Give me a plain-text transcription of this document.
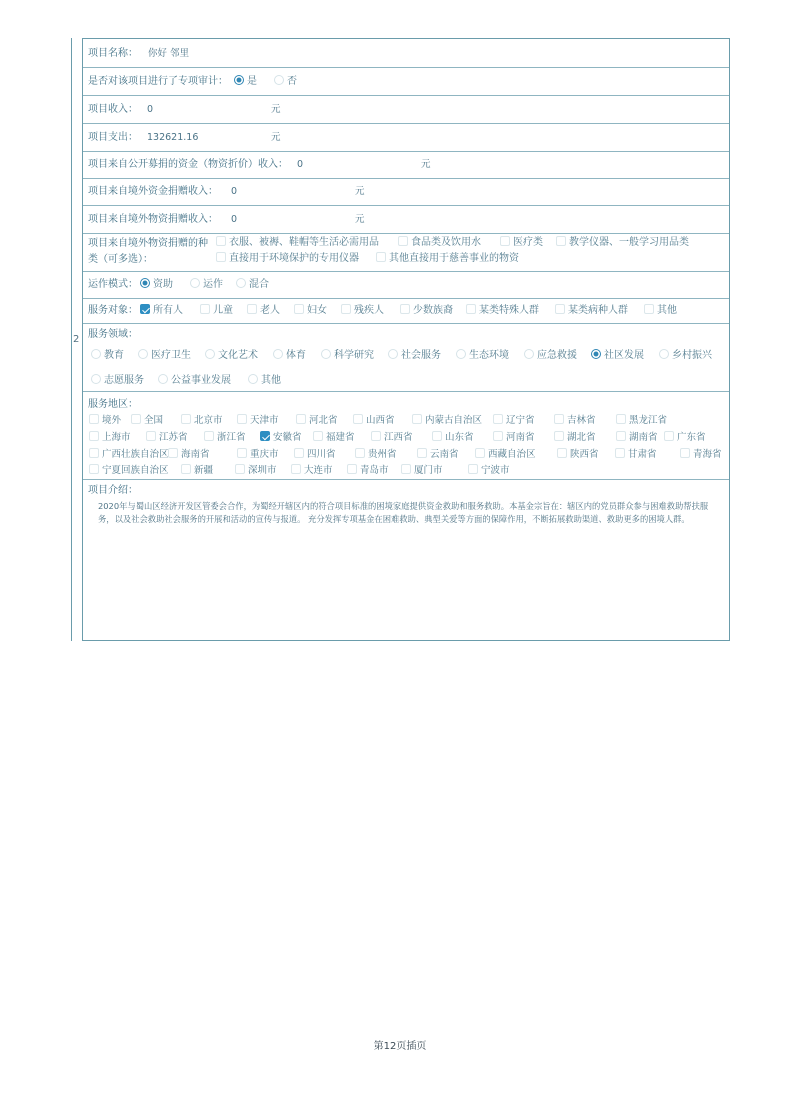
2
项目名称： 你好 邻里
是否对该项目进行了专项审计：	是	否
项目收入： 0	元
项目支出： 132621.16	元
项目来自公开募捐的资金（物资折价）收入： 0	元
项目来自境外资金捐赠收入： 0	元
项目来自境外物资捐赠收入： 0	元
项目来自境外物资捐赠的种
类（可多选）：
衣服、被褥、鞋帽等生活必需用品	食品类及饮用水	医疗类	教学仪器、一般学习用品类
直接用于环境保护的专用仪器	其他直接用于慈善事业的物资
运作模式：	资助	运作	混合
服务对象：	所有人	儿童	老人	妇女	残疾人	少数族裔	某类特殊人群	某类病种人群	其他
服务领域：
教育	医疗卫生	文化艺术	体育	科学研究	社会服务	生态环境	应急救援	社区发展	乡村振兴
志愿服务	公益事业发展	其他
服务地区：
境外	全国	北京市	天津市	河北省	山西省	内蒙古自治区	辽宁省	吉林省	黑龙江省
上海市	江苏省	浙江省	安徽省	福建省	江西省	山东省	河南省	湖北省	湖南省	广东省
广西壮族自治区	海南省	重庆市	四川省	贵州省	云南省	西藏自治区	陕西省	甘肃省	青海省
宁夏回族自治区	新疆	深圳市	大连市	青岛市	厦门市	宁波市
项目介绍：
2020年与蜀山区经济开发区管委会合作，为蜀经开辖区内的符合项目标准的困境家庭提供资金救助和服务救助。本基金宗旨在：辖区内的党员群众参与困难救助帮扶服务，以及社会救助社会服务的开展和活动的宣传与报道。 充分发挥专项基金在困难救助、典型关爱等方面的保障作用，不断拓展救助渠道、救助更多的困境人群。
第12页插页
